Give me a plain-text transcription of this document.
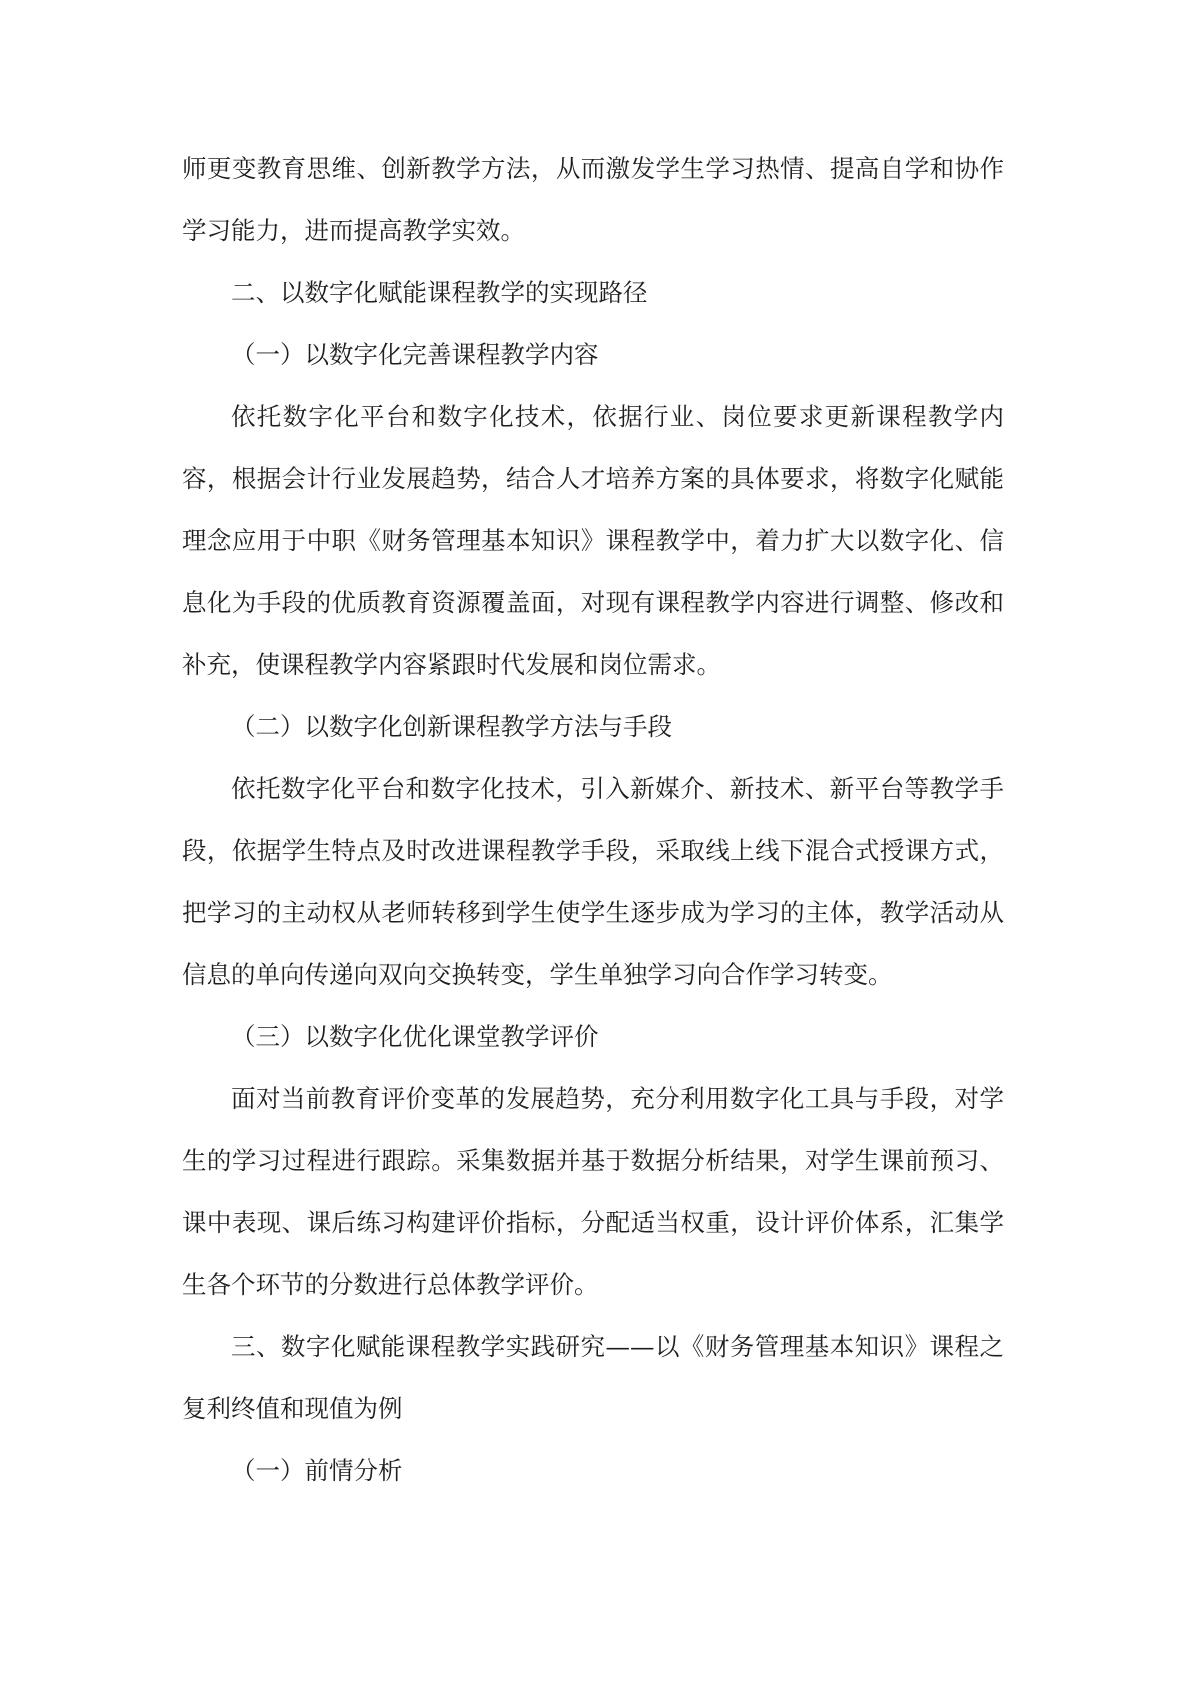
师更变教育思维、创新教学方法，从而激发学生学习热情、提高自学和协作学习能力，进而提高教学实效。

二、以数字化赋能课程教学的实现路径

（一）以数字化完善课程教学内容

依托数字化平台和数字化技术，依据行业、岗位要求更新课程教学内容，根据会计行业发展趋势，结合人才培养方案的具体要求，将数字化赋能理念应用于中职《财务管理基本知识》课程教学中，着力扩大以数字化、信息化为手段的优质教育资源覆盖面，对现有课程教学内容进行调整、修改和补充，使课程教学内容紧跟时代发展和岗位需求。

（二）以数字化创新课程教学方法与手段

依托数字化平台和数字化技术，引入新媒介、新技术、新平台等教学手段，依据学生特点及时改进课程教学手段，采取线上线下混合式授课方式，把学习的主动权从老师转移到学生使学生逐步成为学习的主体，教学活动从信息的单向传递向双向交换转变，学生单独学习向合作学习转变。

（三）以数字化优化课堂教学评价

面对当前教育评价变革的发展趋势，充分利用数字化工具与手段，对学生的学习过程进行跟踪。采集数据并基于数据分析结果，对学生课前预习、课中表现、课后练习构建评价指标，分配适当权重，设计评价体系，汇集学生各个环节的分数进行总体教学评价。

三、数字化赋能课程教学实践研究——以《财务管理基本知识》课程之复利终值和现值为例

（一）前情分析
